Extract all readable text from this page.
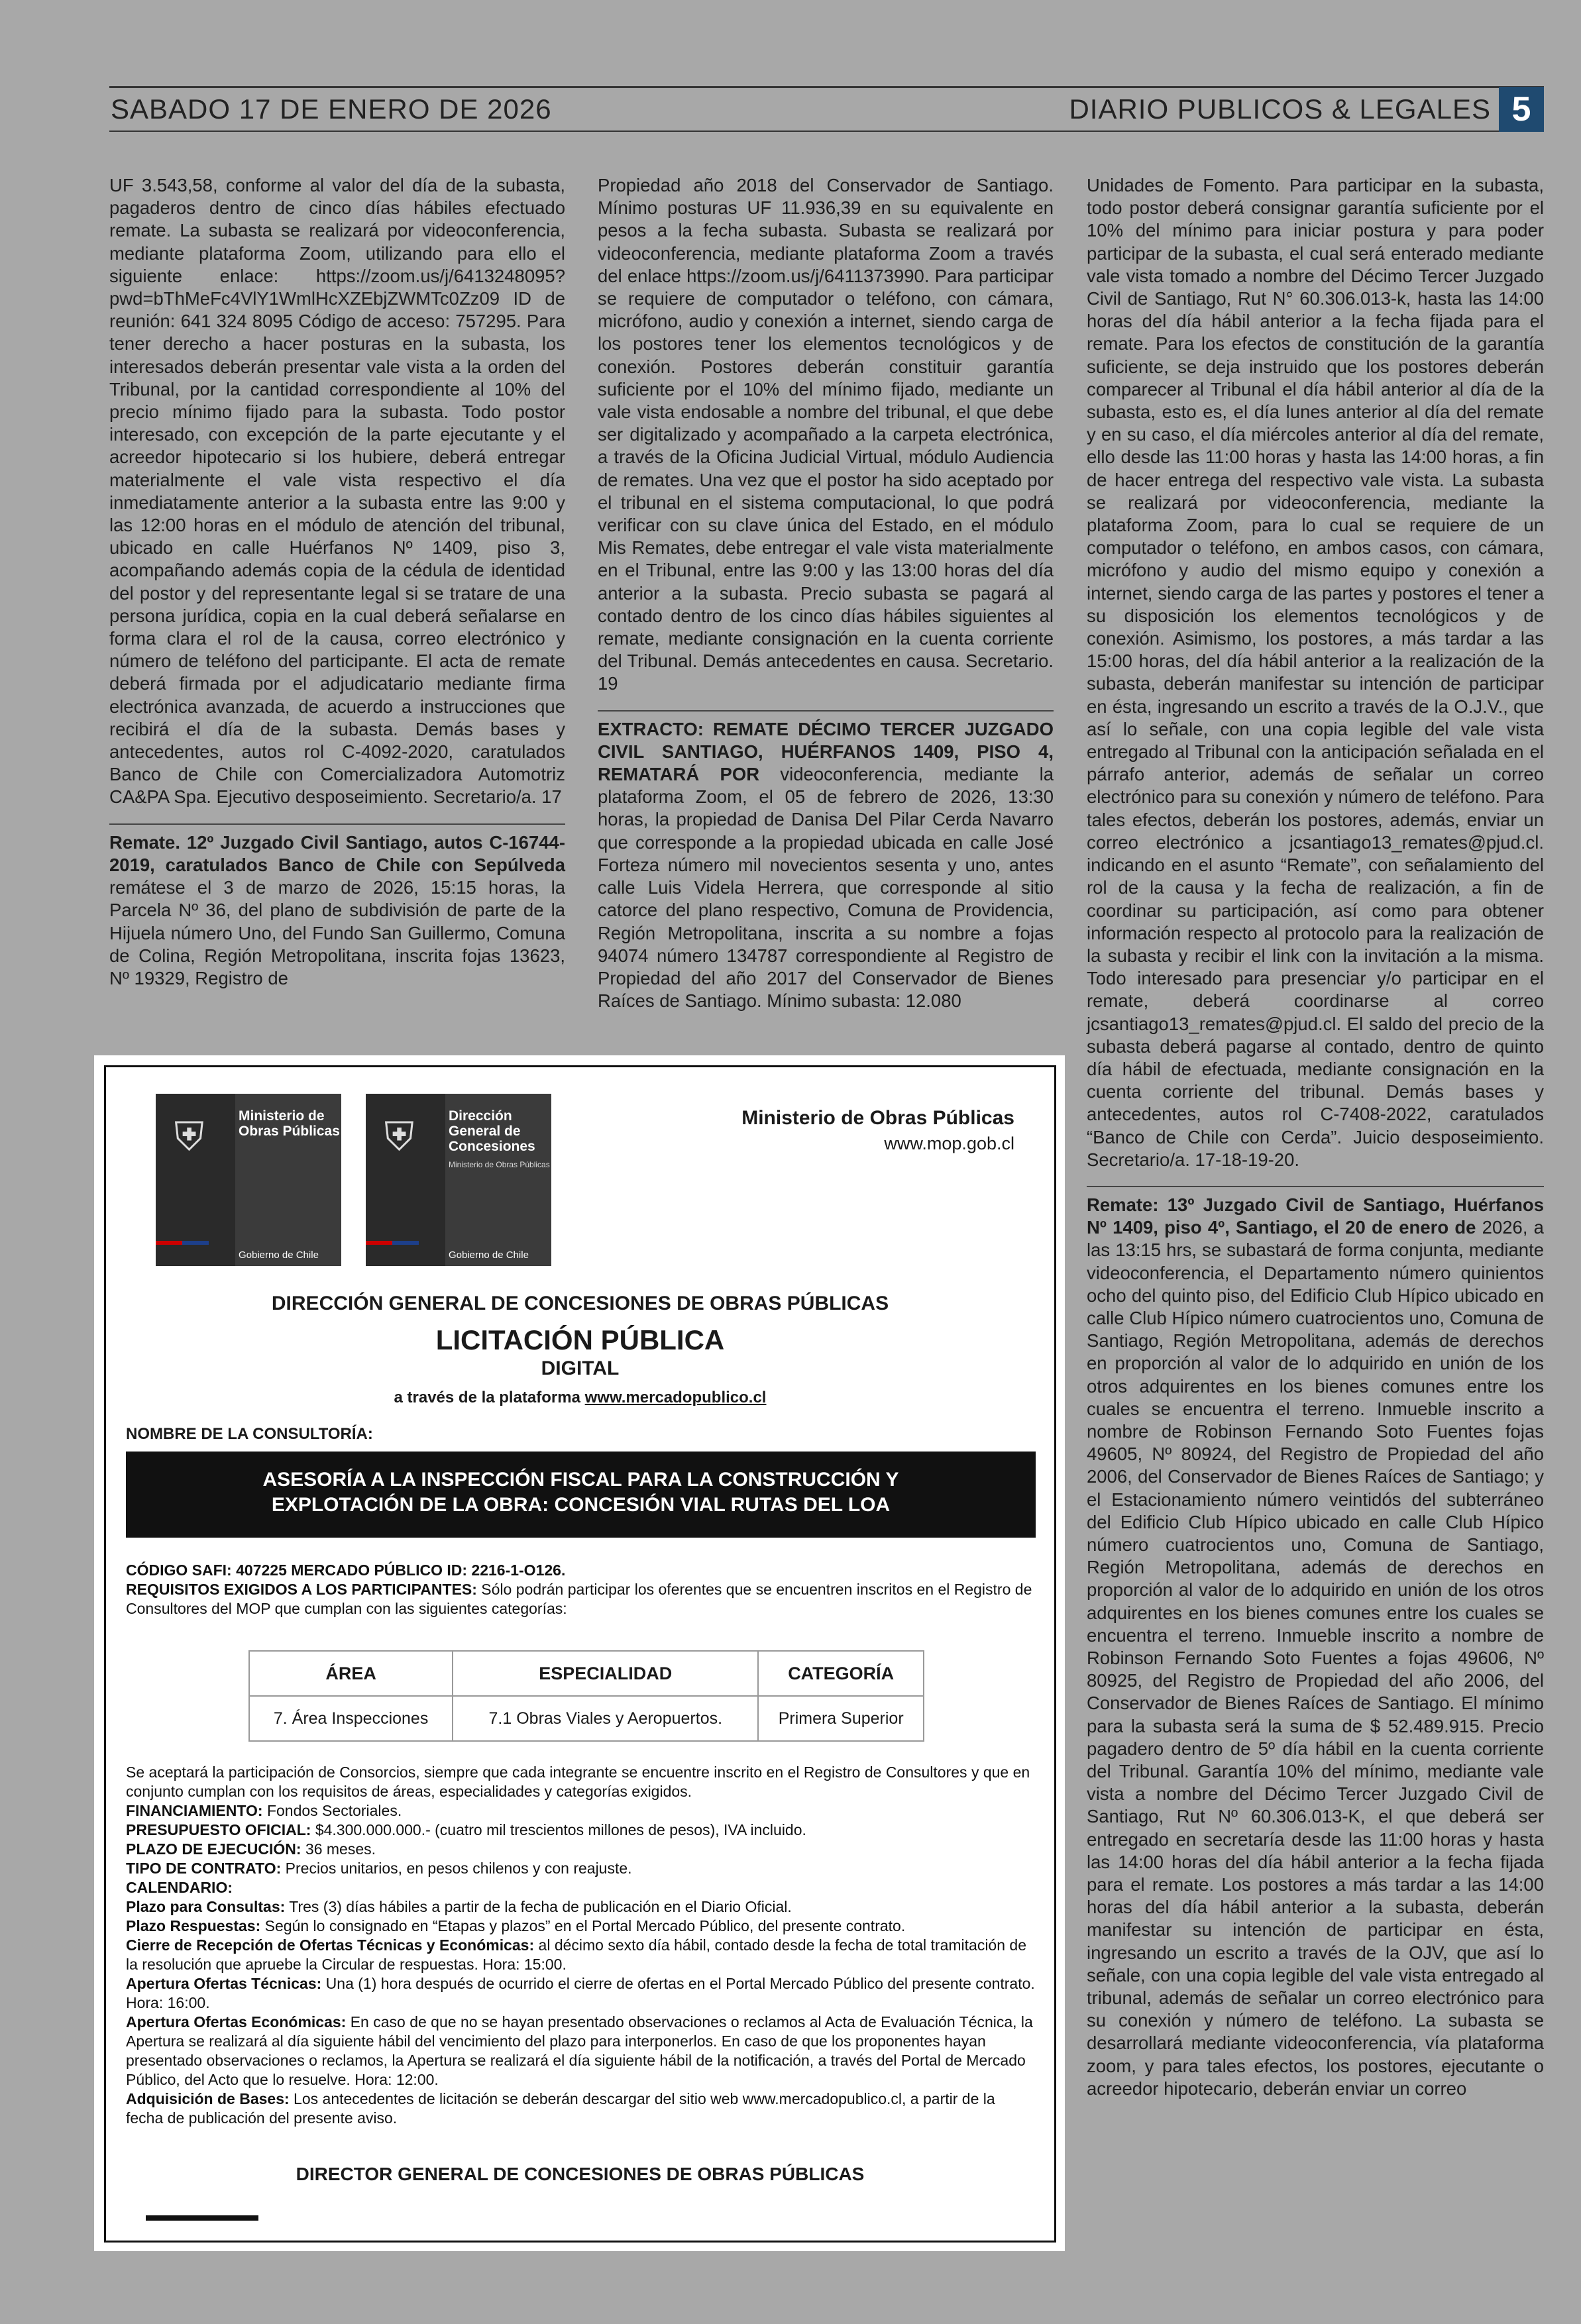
SABADO 17 DE ENERO DE 2026	DIARIO PUBLICOS & LEGALES 5

UF 3.543,58, conforme al valor del día de la subasta, pagaderos dentro de cinco días hábiles efectuado remate. La subasta se realizará por videoconferencia, mediante plataforma Zoom, utilizando para ello el siguiente enlace: https://zoom.us/j/6413248095?pwd=bThMeFc4VlY1WmlHcXZEbjZWMTc0Zz09 ID de reunión: 641 324 8095 Código de acceso: 757295. Para tener derecho a hacer posturas en la subasta, los interesados deberán presentar vale vista a la orden del Tribunal, por la cantidad correspondiente al 10% del precio mínimo fijado para la subasta. Todo postor interesado, con excepción de la parte ejecutante y el acreedor hipotecario si los hubiere, deberá entregar materialmente el vale vista respectivo el día inmediatamente anterior a la subasta entre las 9:00 y las 12:00 horas en el módulo de atención del tribunal, ubicado en calle Huérfanos Nº 1409, piso 3, acompañando además copia de la cédula de identidad del postor y del representante legal si se tratare de una persona jurídica, copia en la cual deberá señalarse en forma clara el rol de la causa, correo electrónico y número de teléfono del participante. El acta de remate deberá firmada por el adjudicatario mediante firma electrónica avanzada, de acuerdo a instrucciones que recibirá el día de la subasta. Demás bases y antecedentes, autos rol C-4092-2020, caratulados Banco de Chile con Comercializadora Automotriz CA&PA Spa. Ejecutivo desposeimiento. Secretario/a. 17

Remate. 12º Juzgado Civil Santiago, autos C-16744-2019, caratulados Banco de Chile con Sepúlveda remátese el 3 de marzo de 2026, 15:15 horas, la Parcela Nº 36, del plano de subdivisión de parte de la Hijuela número Uno, del Fundo San Guillermo, Comuna de Colina, Región Metropolitana, inscrita fojas 13623, Nº 19329, Registro de

Propiedad año 2018 del Conservador de Santiago. Mínimo posturas UF 11.936,39 en su equivalente en pesos a la fecha subasta. Subasta se realizará por videoconferencia, mediante plataforma Zoom a través del enlace https://zoom.us/j/6411373990. Para participar se requiere de computador o teléfono, con cámara, micrófono, audio y conexión a internet, siendo carga de los postores tener los elementos tecnológicos y de conexión. Postores deberán constituir garantía suficiente por el 10% del mínimo fijado, mediante un vale vista endosable a nombre del tribunal, el que debe ser digitalizado y acompañado a la carpeta electrónica, a través de la Oficina Judicial Virtual, módulo Audiencia de remates. Una vez que el postor ha sido aceptado por el tribunal en el sistema computacional, lo que podrá verificar con su clave única del Estado, en el módulo Mis Remates, debe entregar el vale vista materialmente en el Tribunal, entre las 9:00 y las 13:00 horas del día anterior a la subasta. Precio subasta se pagará al contado dentro de los cinco días hábiles siguientes al remate, mediante consignación en la cuenta corriente del Tribunal. Demás antecedentes en causa. Secretario. 19

EXTRACTO: REMATE DÉCIMO TERCER JUZGADO CIVIL SANTIAGO, HUÉRFANOS 1409, PISO 4, REMATARÁ POR videoconferencia, mediante la plataforma Zoom, el 05 de febrero de 2026, 13:30 horas, la propiedad de Danisa Del Pilar Cerda Navarro que corresponde a la propiedad ubicada en calle José Forteza número mil novecientos sesenta y uno, antes calle Luis Videla Herrera, que corresponde al sitio catorce del plano respectivo, Comuna de Providencia, Región Metropolitana, inscrita a su nombre a fojas 94074 número 134787 correspondiente al Registro de Propiedad del año 2017 del Conservador de Bienes Raíces de Santiago. Mínimo subasta: 12.080

Unidades de Fomento. Para participar en la subasta, todo postor deberá consignar garantía suficiente por el 10% del mínimo para iniciar postura y para poder participar de la subasta, el cual será enterado mediante vale vista tomado a nombre del Décimo Tercer Juzgado Civil de Santiago, Rut N° 60.306.013-k, hasta las 14:00 horas del día hábil anterior a la fecha fijada para el remate. Para los efectos de constitución de la garantía suficiente, se deja instruido que los postores deberán comparecer al Tribunal el día hábil anterior al día de la subasta, esto es, el día lunes anterior al día del remate y en su caso, el día miércoles anterior al día del remate, ello desde las 11:00 horas y hasta las 14:00 horas, a fin de hacer entrega del respectivo vale vista. La subasta se realizará por videoconferencia, mediante la plataforma Zoom, para lo cual se requiere de un computador o teléfono, en ambos casos, con cámara, micrófono y audio del mismo equipo y conexión a internet, siendo carga de las partes y postores el tener a su disposición los elementos tecnológicos y de conexión. Asimismo, los postores, a más tardar a las 15:00 horas, del día hábil anterior a la realización de la subasta, deberán manifestar su intención de participar en ésta, ingresando un escrito a través de la O.J.V., que así lo señale, con una copia legible del vale vista entregado al Tribunal con la anticipación señalada en el párrafo anterior, además de señalar un correo electrónico para su conexión y número de teléfono. Para tales efectos, deberán los postores, además, enviar un correo electrónico a jcsantiago13_remates@pjud.cl. indicando en el asunto “Remate”, con señalamiento del rol de la causa y la fecha de realización, a fin de coordinar su participación, así como para obtener información respecto al protocolo para la realización de la subasta y recibir el link con la invitación a la misma. Todo interesado para presenciar y/o participar en el remate, deberá coordinarse al correo jcsantiago13_remates@pjud.cl. El saldo del precio de la subasta deberá pagarse al contado, dentro de quinto día hábil de efectuada, mediante consignación en la cuenta corriente del tribunal. Demás bases y antecedentes, autos rol C-7408-2022, caratulados “Banco de Chile con Cerda”. Juicio desposeimiento. Secretario/a. 17-18-19-20.

Remate: 13º Juzgado Civil de Santiago, Huérfanos Nº 1409, piso 4º, Santiago, el 20 de enero de 2026, a las 13:15 hrs, se subastará de forma conjunta, mediante videoconferencia, el Departamento número quinientos ocho del quinto piso, del Edificio Club Hípico ubicado en calle Club Hípico número cuatrocientos uno, Comuna de Santiago, Región Metropolitana, además de derechos en proporción al valor de lo adquirido en unión de los otros adquirentes en los bienes comunes entre los cuales se encuentra el terreno. Inmueble inscrito a nombre de Robinson Fernando Soto Fuentes fojas 49605, Nº 80924, del Registro de Propiedad del año 2006, del Conservador de Bienes Raíces de Santiago; y el Estacionamiento número veintidós del subterráneo del Edificio Club Hípico ubicado en calle Club Hípico número cuatrocientos uno, Comuna de Santiago, Región Metropolitana, además de derechos en proporción al valor de lo adquirido en unión de los otros adquirentes en los bienes comunes entre los cuales se encuentra el terreno. Inmueble inscrito a nombre de Robinson Fernando Soto Fuentes a fojas 49606, Nº 80925, del Registro de Propiedad del año 2006, del Conservador de Bienes Raíces de Santiago. El mínimo para la subasta será la suma de $ 52.489.915. Precio pagadero dentro de 5º día hábil en la cuenta corriente del Tribunal. Garantía 10% del mínimo, mediante vale vista a nombre del Décimo Tercer Juzgado Civil de Santiago, Rut Nº 60.306.013-K, el que deberá ser entregado en secretaría desde las 11:00 horas y hasta las 14:00 horas del día hábil anterior a la fecha fijada para el remate. Los postores a más tardar a las 14:00 horas del día hábil anterior a la subasta, deberán manifestar su intención de participar en ésta, ingresando un escrito a través de la OJV, que así lo señale, con una copia legible del vale vista entregado al tribunal, además de señalar un correo electrónico para su conexión y número de teléfono. La subasta se desarrollará mediante videoconferencia, vía plataforma zoom, y para tales efectos, los postores, ejecutante o acreedor hipotecario, deberán enviar un correo

⛨ Ministerio de Obras Públicas
Gobierno de Chile
⛨ Dirección General de Concesiones
Ministerio de Obras Públicas
Gobierno de Chile
Ministerio de Obras Públicas
www.mop.gob.cl
DIRECCIÓN GENERAL DE CONCESIONES DE OBRAS PÚBLICAS
LICITACIÓN PÚBLICA
DIGITAL
a través de la plataforma www.mercadopublico.cl
NOMBRE DE LA CONSULTORÍA:
ASESORÍA A LA INSPECCIÓN FISCAL PARA LA CONSTRUCCIÓN Y
EXPLOTACIÓN DE LA OBRA: CONCESIÓN VIAL RUTAS DEL LOA

CÓDIGO SAFI: 407225 MERCADO PÚBLICO ID: 2216-1-O126.

REQUISITOS EXIGIDOS A LOS PARTICIPANTES: Sólo podrán participar los oferentes que se encuentren inscritos en el Registro de Consultores del MOP que cumplan con las siguientes categorías:

ÁREA	ESPECIALIDAD	CATEGORÍA
7. Área Inspecciones	7.1 Obras Viales y Aeropuertos.	Primera Superior

Se aceptará la participación de Consorcios, siempre que cada integrante se encuentre inscrito en el Registro de Consultores y que en conjunto cumplan con los requisitos de áreas, especialidades y categorías exigidos.

FINANCIAMIENTO: Fondos Sectoriales.

PRESUPUESTO OFICIAL: $4.300.000.000.- (cuatro mil trescientos millones de pesos), IVA incluido.

PLAZO DE EJECUCIÓN: 36 meses.

TIPO DE CONTRATO: Precios unitarios, en pesos chilenos y con reajuste.

CALENDARIO:

Plazo para Consultas: Tres (3) días hábiles a partir de la fecha de publicación en el Diario Oficial.

Plazo Respuestas: Según lo consignado en “Etapas y plazos” en el Portal Mercado Público, del presente contrato.

Cierre de Recepción de Ofertas Técnicas y Económicas: al décimo sexto día hábil, contado desde la fecha de total tramitación de la resolución que apruebe la Circular de respuestas. Hora: 15:00.

Apertura Ofertas Técnicas: Una (1) hora después de ocurrido el cierre de ofertas en el Portal Mercado Público del presente contrato. Hora: 16:00.

Apertura Ofertas Económicas: En caso de que no se hayan presentado observaciones o reclamos al Acta de Evaluación Técnica, la Apertura se realizará al día siguiente hábil del vencimiento del plazo para interponerlos. En caso de que los proponentes hayan presentado observaciones o reclamos, la Apertura se realizará el día siguiente hábil de la notificación, a través del Portal de Mercado Público, del Acto que lo resuelve. Hora: 12:00.

Adquisición de Bases: Los antecedentes de licitación se deberán descargar del sitio web www.mercadopublico.cl, a partir de la fecha de publicación del presente aviso.

DIRECTOR GENERAL DE CONCESIONES DE OBRAS PÚBLICAS
